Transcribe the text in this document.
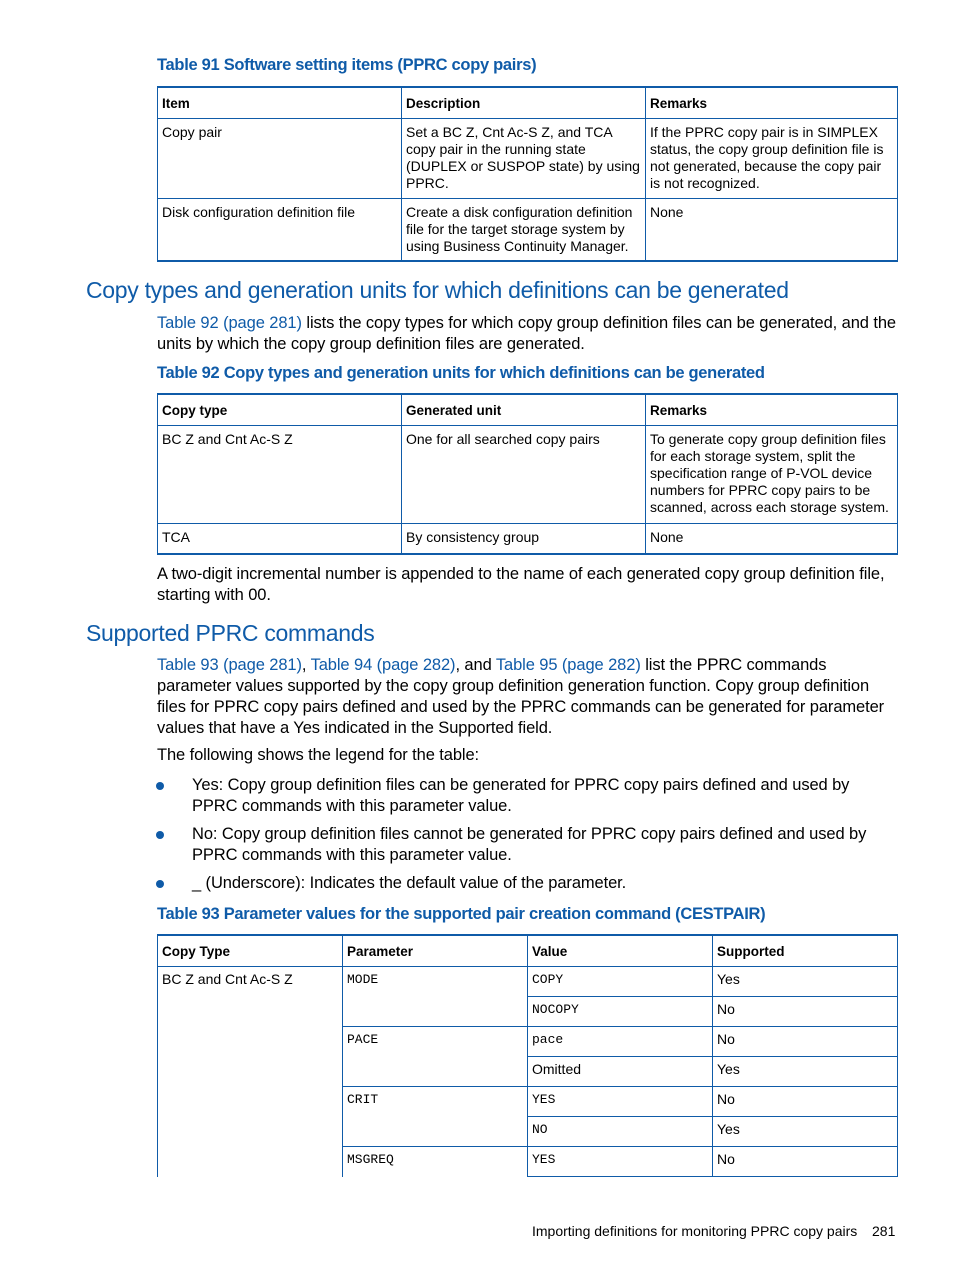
Table 91 Software setting items (PPRC copy pairs)
Item	Description	Remarks
Copy pair	Set a BC Z, Cnt Ac-S Z, and TCA copy pair in the running state (DUPLEX or SUSPOP state) by using PPRC.	If the PPRC copy pair is in SIMPLEX status, the copy group definition file is not generated, because the copy pair is not recognized.
Disk configuration definition file	Create a disk configuration definition file for the target storage system by using Business Continuity Manager.	None
Copy types and generation units for which definitions can be generated
Table 92 (page 281) lists the copy types for which copy group definition files can be generated, and the units by which the copy group definition files are generated.
Table 92 Copy types and generation units for which definitions can be generated
Copy type	Generated unit	Remarks
BC Z and Cnt Ac-S Z	One for all searched copy pairs	To generate copy group definition files for each storage system, split the specification range of P-VOL device numbers for PPRC copy pairs to be scanned, across each storage system.
TCA	By consistency group	None
A two-digit incremental number is appended to the name of each generated copy group definition file, starting with 00.
Supported PPRC commands
Table 93 (page 281), Table 94 (page 282), and Table 95 (page 282) list the PPRC commands parameter values supported by the copy group definition generation function. Copy group definition files for PPRC copy pairs defined and used by the PPRC commands can be generated for parameter values that have a Yes indicated in the Supported field.
The following shows the legend for the table:
Yes: Copy group definition files can be generated for PPRC copy pairs defined and used by PPRC commands with this parameter value.
No: Copy group definition files cannot be generated for PPRC copy pairs defined and used by PPRC commands with this parameter value.
_ (Underscore): Indicates the default value of the parameter.
Table 93 Parameter values for the supported pair creation command (CESTPAIR)
Copy Type	Parameter	Value	Supported
BC Z and Cnt Ac-S Z	MODE	COPY	Yes
		NOCOPY	No
	PACE	pace	No
		Omitted	Yes
	CRIT	YES	No
		NO	Yes
	MSGREQ	YES	No
Importing definitions for monitoring PPRC copy pairs 281
